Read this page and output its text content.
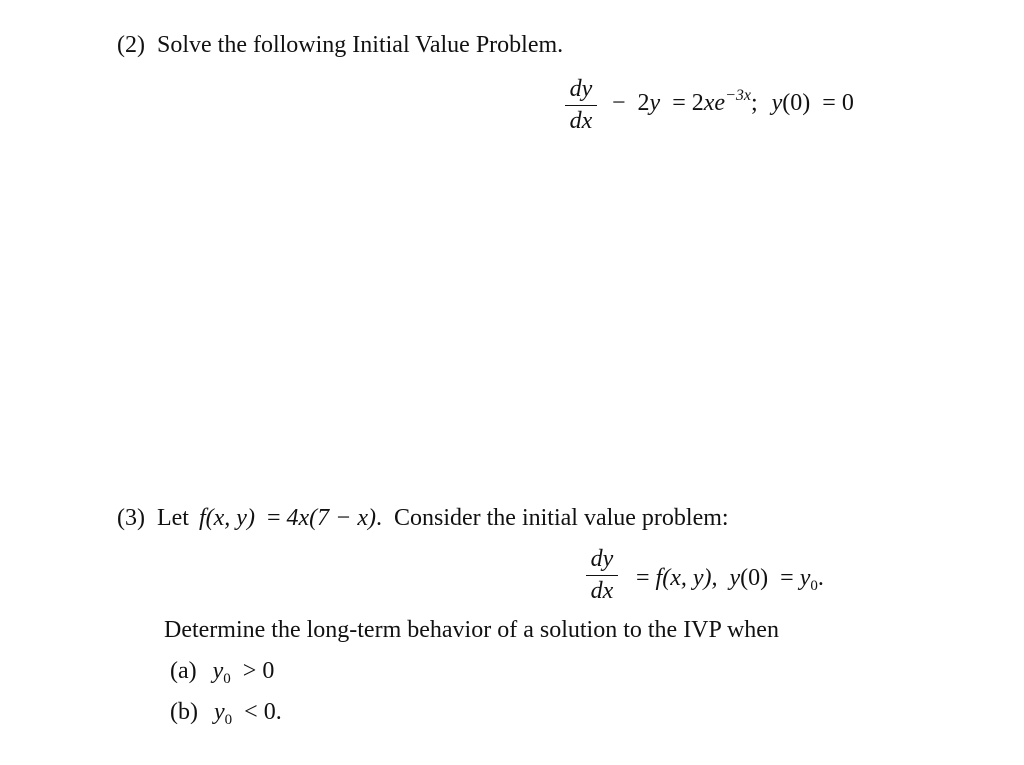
(2) Solve the following Initial Value Problem.
dy
dx
− $2y = 2xe^{-3x}$; y(0) = 0
(3) Let f(x, y) = 4x(7 − x). Consider the initial value problem:
dy
dx
= f(x, y), $y(0) = y_0$.
Determine the long-term behavior of a solution to the IVP when
(a) $y_0 > 0$
(b) $y_0 < 0$.
